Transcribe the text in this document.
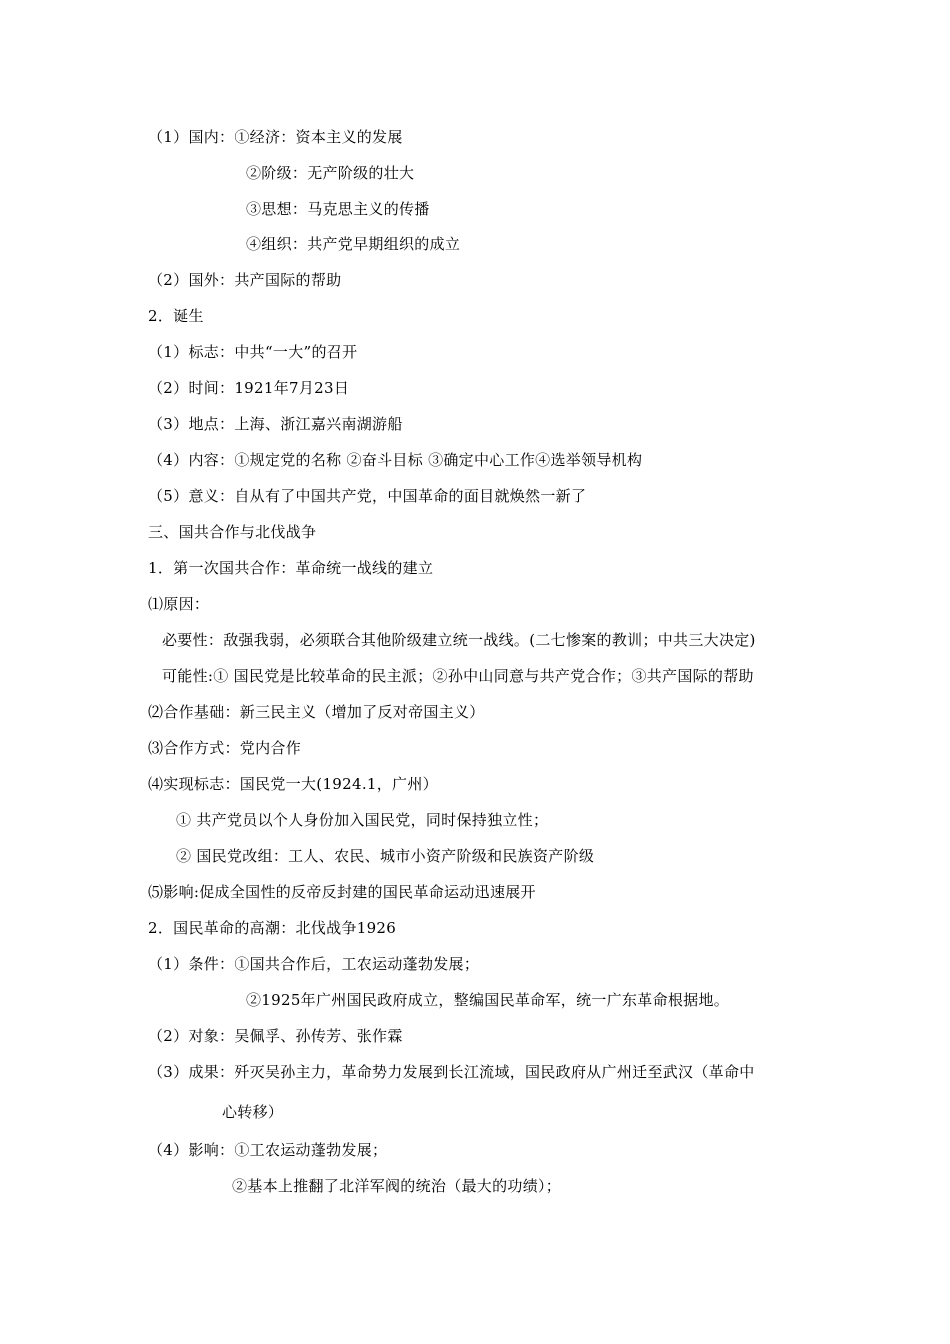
（1）国内：①经济：资本主义的发展
②阶级：无产阶级的壮大
③思想：马克思主义的传播
④组织：共产党早期组织的成立
（2）国外：共产国际的帮助
2．诞生
（1）标志：中共“一大”的召开
（2）时间：1921年7月23日
（3）地点：上海、浙江嘉兴南湖游船
（4）内容：①规定党的名称 ②奋斗目标 ③确定中心工作④选举领导机构
（5）意义：自从有了中国共产党，中国革命的面目就焕然一新了
三、国共合作与北伐战争
1．第一次国共合作：革命统一战线的建立
⑴原因：
必要性：敌强我弱，必须联合其他阶级建立统一战线。(二七惨案的教训；中共三大决定)
可能性:① 国民党是比较革命的民主派；②孙中山同意与共产党合作；③共产国际的帮助
⑵合作基础：新三民主义（增加了反对帝国主义）
⑶合作方式：党内合作
⑷实现标志：国民党一大(1924.1，广州）
① 共产党员以个人身份加入国民党，同时保持独立性；
② 国民党改组：工人、农民、城市小资产阶级和民族资产阶级
⑸影响:促成全国性的反帝反封建的国民革命运动迅速展开
2．国民革命的高潮：北伐战争1926
（1）条件：①国共合作后，工农运动蓬勃发展；
②1925年广州国民政府成立，整编国民革命军，统一广东革命根据地。
（2）对象：吴佩孚、孙传芳、张作霖
（3）成果：歼灭吴孙主力，革命势力发展到长江流域，国民政府从广州迁至武汉（革命中
心转移）
（4）影响：①工农运动蓬勃发展；
②基本上推翻了北洋军阀的统治（最大的功绩）；
